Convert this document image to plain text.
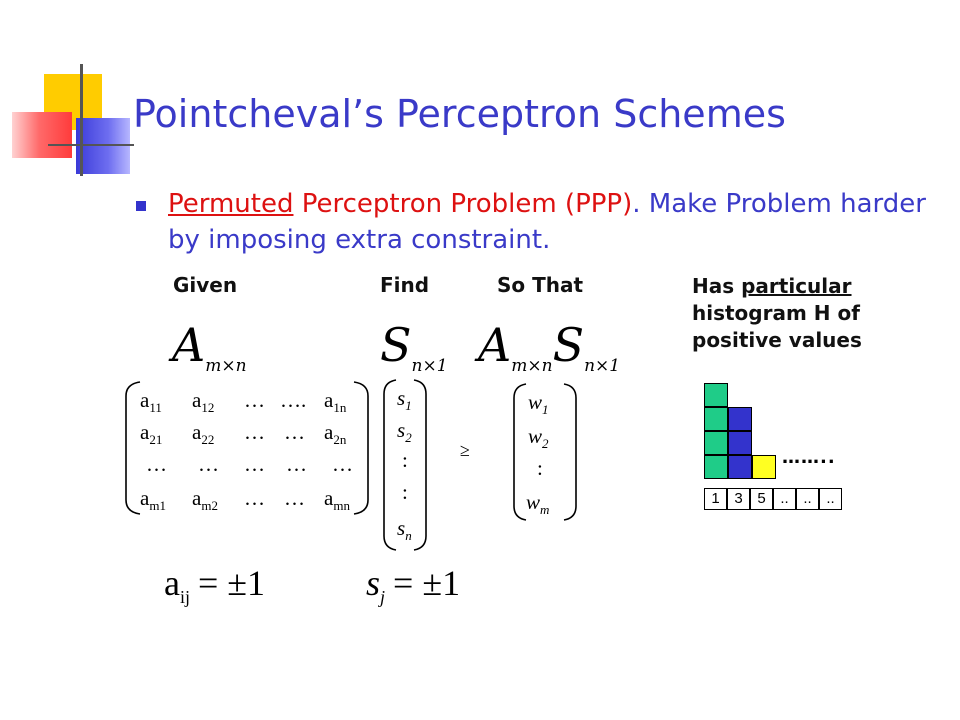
Pointcheval’s Perceptron Schemes
Permuted Perceptron Problem (PPP). Make Problem harder by imposing extra constraint.
Given	Find	So That	Has particular
histogram H of
positive values
$A_{m\times n}$	$S_{n\times 1}$ $A_{m\times n}S_{n\times 1}$
$a_{11}$ $a_{12}$ … …. $a_{1n}$
$a_{21}$ $a_{22}$ … … $a_{2n}$
… … … … …
$a_{m1}$ $a_{m2}$ … … $a_{mn}$
$s_1$
$s_2$
:
:
$s_n$
≥
$w_1$
$w_2$
:
$w_m$
$a_{ij} = \pm 1$	$s_j = \pm 1$
1 3 5 .. .. ..
……..
